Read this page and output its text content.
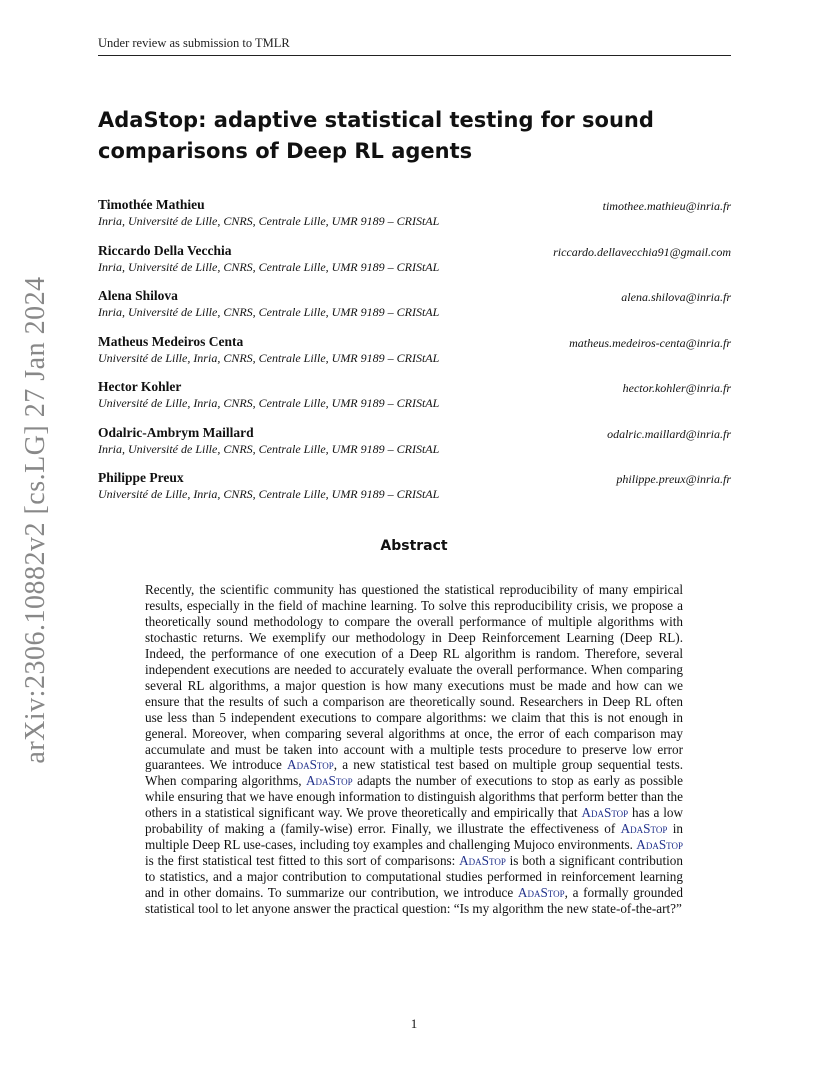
Under review as submission to TMLR
arXiv:2306.10882v2 [cs.LG] 27 Jan 2024
AdaStop: adaptive statistical testing for sound comparisons of Deep RL agents
Timothée Mathieu
Inria, Université de Lille, CNRS, Centrale Lille, UMR 9189 – CRIStAL
timothee.mathieu@inria.fr
Riccardo Della Vecchia
Inria, Université de Lille, CNRS, Centrale Lille, UMR 9189 – CRIStAL
riccardo.dellavecchia91@gmail.com
Alena Shilova
Inria, Université de Lille, CNRS, Centrale Lille, UMR 9189 – CRIStAL
alena.shilova@inria.fr
Matheus Medeiros Centa
Université de Lille, Inria, CNRS, Centrale Lille, UMR 9189 – CRIStAL
matheus.medeiros-centa@inria.fr
Hector Kohler
Université de Lille, Inria, CNRS, Centrale Lille, UMR 9189 – CRIStAL
hector.kohler@inria.fr
Odalric-Ambrym Maillard
Inria, Université de Lille, CNRS, Centrale Lille, UMR 9189 – CRIStAL
odalric.maillard@inria.fr
Philippe Preux
Université de Lille, Inria, CNRS, Centrale Lille, UMR 9189 – CRIStAL
philippe.preux@inria.fr
Abstract

Recently, the scientific community has questioned the statistical reproducibility of many empirical results, especially in the field of machine learning. To solve this reproducibility crisis, we propose a theoretically sound methodology to compare the overall performance of multiple algorithms with stochastic returns. We exemplify our methodology in Deep Reinforcement Learning (Deep RL). Indeed, the performance of one execution of a Deep RL algorithm is random. Therefore, several independent executions are needed to accurately evaluate the overall performance. When comparing several RL algorithms, a major question is how many executions must be made and how can we ensure that the results of such a comparison are theoretically sound. Researchers in Deep RL often use less than 5 independent executions to compare algorithms: we claim that this is not enough in general. Moreover, when comparing several algorithms at once, the error of each comparison may accumulate and must be taken into account with a multiple tests procedure to preserve low error guarantees. We introduce AdaStop, a new statistical test based on multiple group sequential tests. When comparing algorithms, AdaStop adapts the number of executions to stop as early as possible while ensuring that we have enough information to distinguish algorithms that perform better than the others in a statistical significant way. We prove theoretically and empirically that AdaStop has a low probability of making a (family-wise) error. Finally, we illustrate the effectiveness of AdaStop in multiple Deep RL use-cases, including toy examples and challenging Mujoco environments. AdaStop is the first statistical test fitted to this sort of comparisons: AdaStop is both a significant contribution to statistics, and a major contribution to computational studies performed in reinforcement learning and in other domains. To summarize our contribution, we introduce AdaStop, a formally grounded statistical tool to let anyone answer the practical question: “Is my algorithm the new state-of-the-art?”

1
